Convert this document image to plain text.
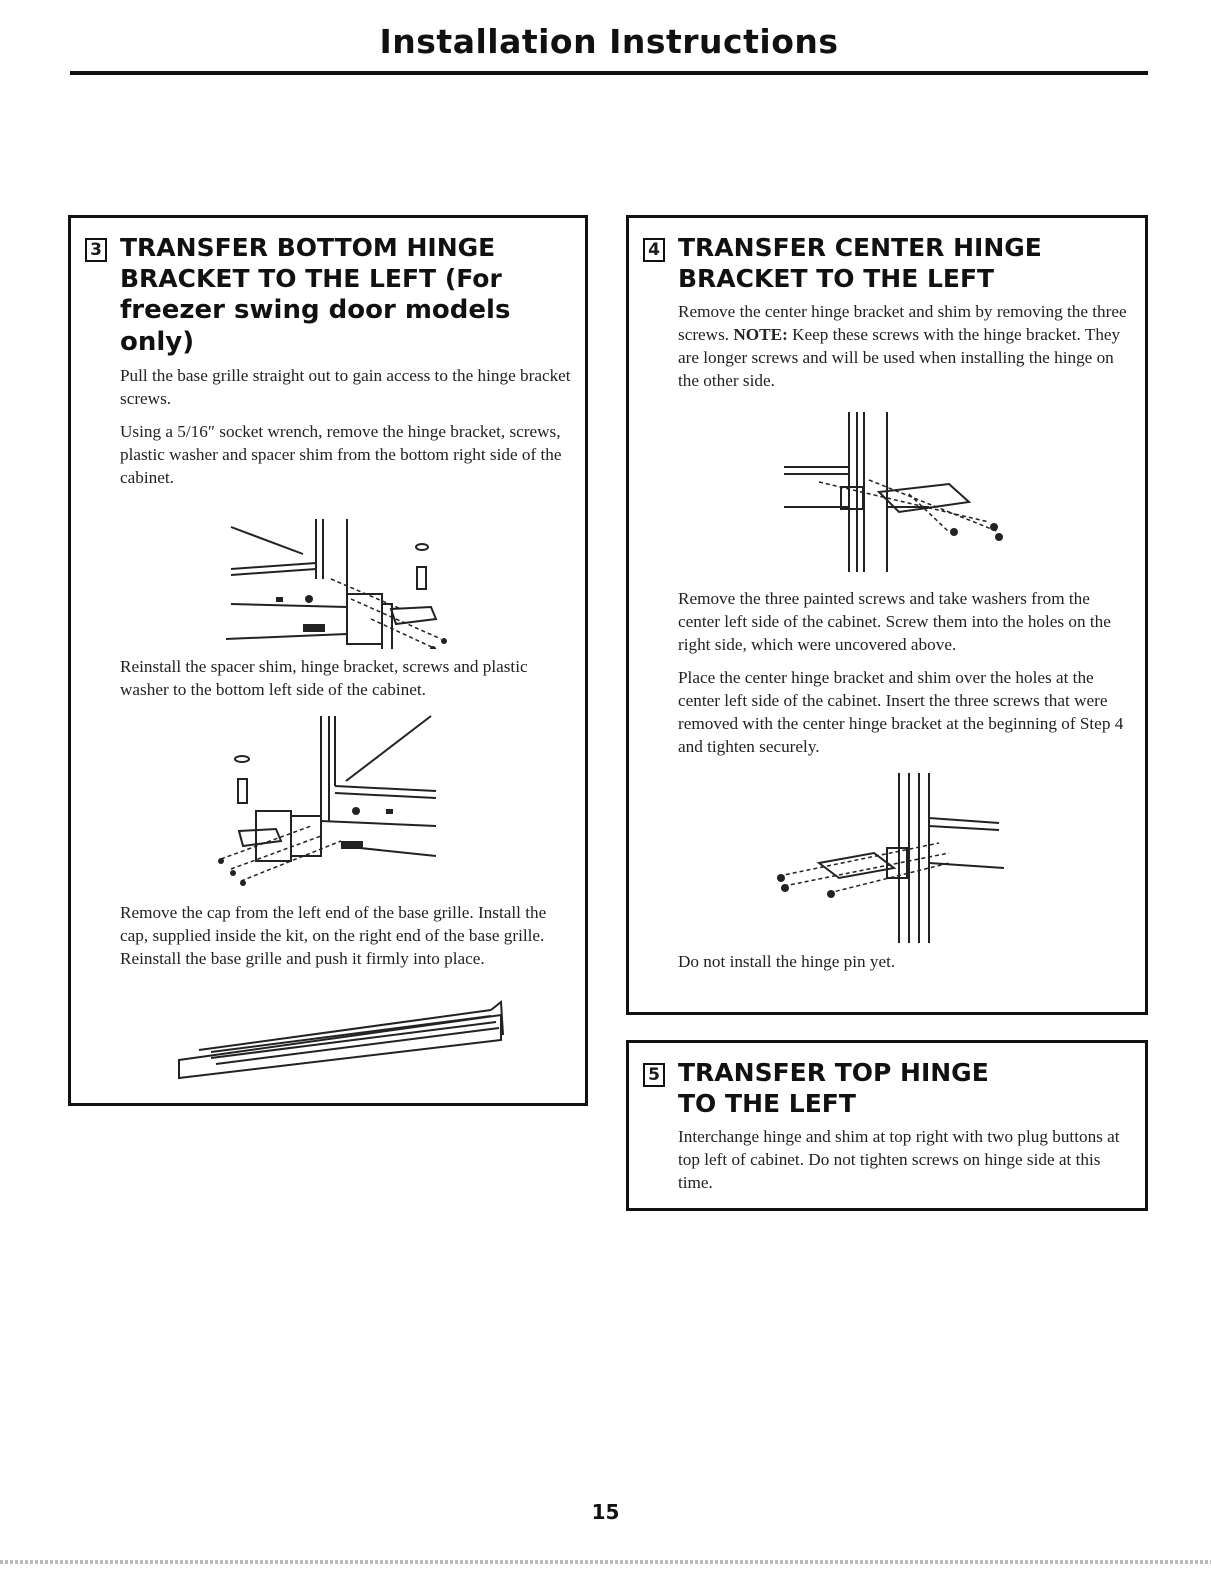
Installation Instructions
3 TRANSFER BOTTOM HINGE
BRACKET TO THE LEFT (For
freezer swing door models only)

Pull the base grille straight out to gain access to the hinge bracket screws.

Using a 5/16″ socket wrench, remove the hinge bracket, screws, plastic washer and spacer shim from the bottom right side of the cabinet.

Reinstall the spacer shim, hinge bracket, screws and plastic washer to the bottom left side of the cabinet.

Remove the cap from the left end of the base grille. Install the cap, supplied inside the kit, on the right end of the base grille. Reinstall the base grille and push it firmly into place.

4 TRANSFER CENTER HINGE
BRACKET TO THE LEFT

Remove the center hinge bracket and shim by removing the three screws. NOTE: Keep these screws with the hinge bracket. They are longer screws and will be used when installing the hinge on the other side.

Remove the three painted screws and take washers from the center left side of the cabinet. Screw them into the holes on the right side, which were uncovered above.

Place the center hinge bracket and shim over the holes at the center left side of the cabinet. Insert the three screws that were removed with the center hinge bracket at the beginning of Step 4 and tighten securely.

Do not install the hinge pin yet.

5 TRANSFER TOP HINGE
TO THE LEFT

Interchange hinge and shim at top right with two plug buttons at top left of cabinet. Do not tighten screws on hinge side at this time.

15
